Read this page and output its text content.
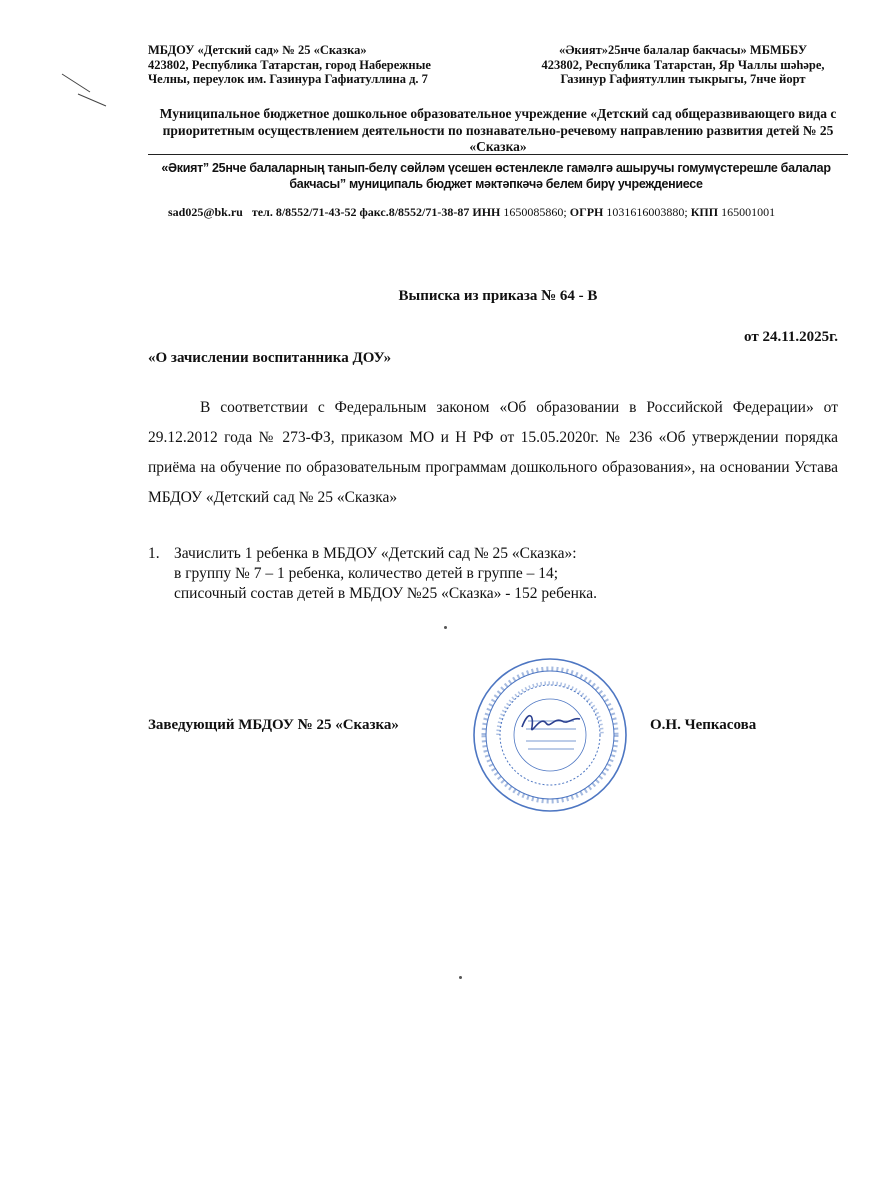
МБДОУ «Детский сад» № 25 «Сказка»
423802, Республика Татарстан, город Набережные
Челны, переулок им. Газинура Гафиатуллина д. 7
«Әкият»25нче балалар бакчасы» МБМББУ
423802, Республика Татарстан, Яр Чаллы шәһәре,
Газинур Гафиятуллин тыкрыгы, 7нче йорт
Муниципальное бюджетное дошкольное образовательное учреждение «Детский сад общеразвивающего вида с приоритетным осуществлением деятельности по познавательно-речевому направлению развития детей № 25 «Сказка»
«Әкият” 25нче балаларның танып-белү сөйләм үсешен өстенлекле гамәлгә ашыручы гомумүстерешле балалар бакчасы” муниципаль бюджет мәктәпкәчә белем бирү учреждениесе
sad025@bk.ru тел. 8/8552/71-43-52 факс.8/8552/71-38-87 ИНН 1650085860; ОГРН 1031616003880; КПП 165001001
Выписка из приказа № 64 - В
от 24.11.2025г.
«О зачислении воспитанника ДОУ»

В соответствии с Федеральным законом «Об образовании в Российской Федерации» от 29.12.2012 года № 273-ФЗ, приказом МО и Н РФ от 15.05.2020г. № 236 «Об утверждении порядка приёма на обучение по образовательным программам дошкольного образования», на основании Устава МБДОУ «Детский сад № 25 «Сказка»

1. Зачислить 1 ребенка в МБДОУ «Детский сад № 25 «Сказка»:
в группу № 7 – 1 ребенка, количество детей в группе – 14;
списочный состав детей в МБДОУ №25 «Сказка» - 152 ребенка.
Заведующий МБДОУ № 25 «Сказка»	О.Н. Чепкасова
